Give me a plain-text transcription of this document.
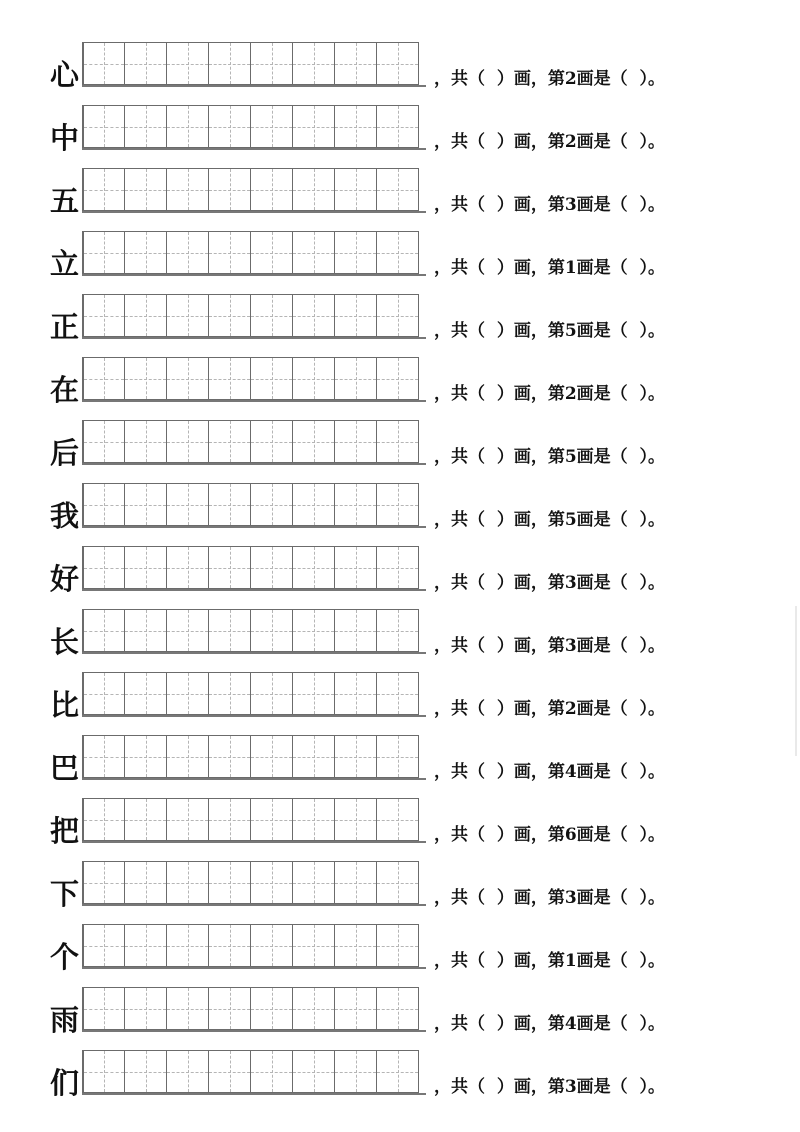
心	，共（  ）画，第2画是（  ）。
中	，共（  ）画，第2画是（  ）。
五	，共（  ）画，第3画是（  ）。
立	，共（  ）画，第1画是（  ）。
正	，共（  ）画，第5画是（  ）。
在	，共（  ）画，第2画是（  ）。
后	，共（  ）画，第5画是（  ）。
我	，共（  ）画，第5画是（  ）。
好	，共（  ）画，第3画是（  ）。
长	，共（  ）画，第3画是（  ）。
比	，共（  ）画，第2画是（  ）。
巴	，共（  ）画，第4画是（  ）。
把	，共（  ）画，第6画是（  ）。
下	，共（  ）画，第3画是（  ）。
个	，共（  ）画，第1画是（  ）。
雨	，共（  ）画，第4画是（  ）。
们	，共（  ）画，第3画是（  ）。
